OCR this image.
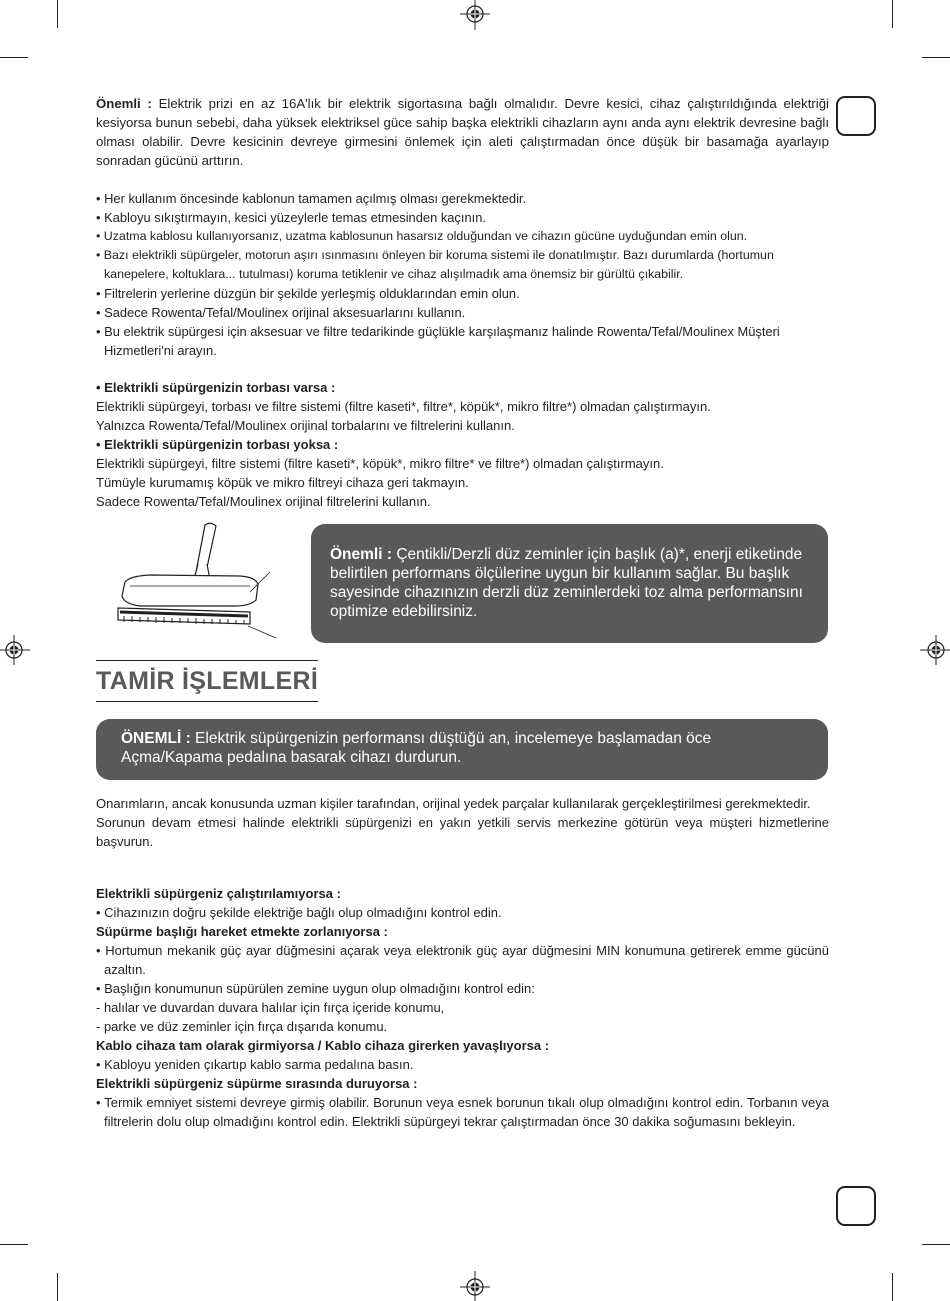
Önemli : Elektrik prizi en az 16A'lık bir elektrik sigortasına bağlı olmalıdır. Devre kesici, cihaz çalıştırıldığında elektriği kesiyorsa bunun sebebi, daha yüksek elektriksel güce sahip başka elektrikli cihazların aynı anda aynı elektrik devresine bağlı olması olabilir. Devre kesicinin devreye girmesini önlemek için aleti çalıştırmadan önce düşük bir basamağa ayarlayıp sonradan gücünü arttırın.

• Her kullanım öncesinde kablonun tamamen açılmış olması gerekmektedir.

• Kabloyu sıkıştırmayın, kesici yüzeylerle temas etmesinden kaçının.

• Uzatma kablosu kullanıyorsanız, uzatma kablosunun hasarsız olduğundan ve cihazın gücüne uyduğundan emin olun.

• Bazı elektrikli süpürgeler, motorun aşırı ısınmasını önleyen bir koruma sistemi ile donatılmıştır. Bazı durumlarda (hortumun kanepelere, koltuklara... tutulması) koruma tetiklenir ve cihaz alışılmadık ama önemsiz bir gürültü çıkabilir.

• Filtrelerin yerlerine düzgün bir şekilde yerleşmiş olduklarından emin olun.

• Sadece Rowenta/Tefal/Moulinex orijinal aksesuarlarını kullanın.

• Bu elektrik süpürgesi için aksesuar ve filtre tedarikinde güçlükle karşılaşmanız halinde Rowenta/Tefal/Moulinex Müşteri Hizmetleri'ni arayın.

• Elektrikli süpürgenizin torbası varsa :

Elektrikli süpürgeyi, torbası ve filtre sistemi (filtre kaseti*, filtre*, köpük*, mikro filtre*) olmadan çalıştırmayın.

Yalnızca Rowenta/Tefal/Moulinex orijinal torbalarını ve filtrelerini kullanın.

• Elektrikli süpürgenizin torbası yoksa :

Elektrikli süpürgeyi, filtre sistemi (filtre kaseti*, köpük*, mikro filtre* ve filtre*) olmadan çalıştırmayın.

Tümüyle kurumamış köpük ve mikro filtreyi cihaza geri takmayın.

Sadece Rowenta/Tefal/Moulinex orijinal filtrelerini kullanın.

Önemli : Çentikli/Derzli düz zeminler için başlık (a)*, enerji etiketinde belirtilen performans ölçülerine uygun bir kullanım sağlar. Bu başlık sayesinde cihazınızın derzli düz zeminlerdeki toz alma performansını optimize edebilirsiniz.
TAMİR İŞLEMLERİ
ÖNEMLİ : Elektrik süpürgenizin performansı düştüğü an, incelemeye başlamadan öce Açma/Kapama pedalına basarak cihazı durdurun.

Onarımların, ancak konusunda uzman kişiler tarafından, orijinal yedek parçalar kullanılarak gerçekleştirilmesi gerekmektedir.

Sorunun devam etmesi halinde elektrikli süpürgenizi en yakın yetkili servis merkezine götürün veya müşteri hizmetlerine başvurun.

Elektrikli süpürgeniz çalıştırılamıyorsa :

• Cihazınızın doğru şekilde elektriğe bağlı olup olmadığını kontrol edin.

Süpürme başlığı hareket etmekte zorlanıyorsa :

• Hortumun mekanik güç ayar düğmesini açarak veya elektronik güç ayar düğmesini MIN konumuna getirerek emme gücünü azaltın.

• Başlığın konumunun süpürülen zemine uygun olup olmadığını kontrol edin:

- halılar ve duvardan duvara halılar için fırça içeride konumu,

- parke ve düz zeminler için fırça dışarıda konumu.

Kablo cihaza tam olarak girmiyorsa / Kablo cihaza girerken yavaşlıyorsa :

• Kabloyu yeniden çıkartıp kablo sarma pedalına basın.

Elektrikli süpürgeniz süpürme sırasında duruyorsa :

• Termik emniyet sistemi devreye girmiş olabilir. Borunun veya esnek borunun tıkalı olup olmadığını kontrol edin. Torbanın veya filtrelerin dolu olup olmadığını kontrol edin. Elektrikli süpürgeyi tekrar çalıştırmadan önce 30 dakika soğumasını bekleyin.
